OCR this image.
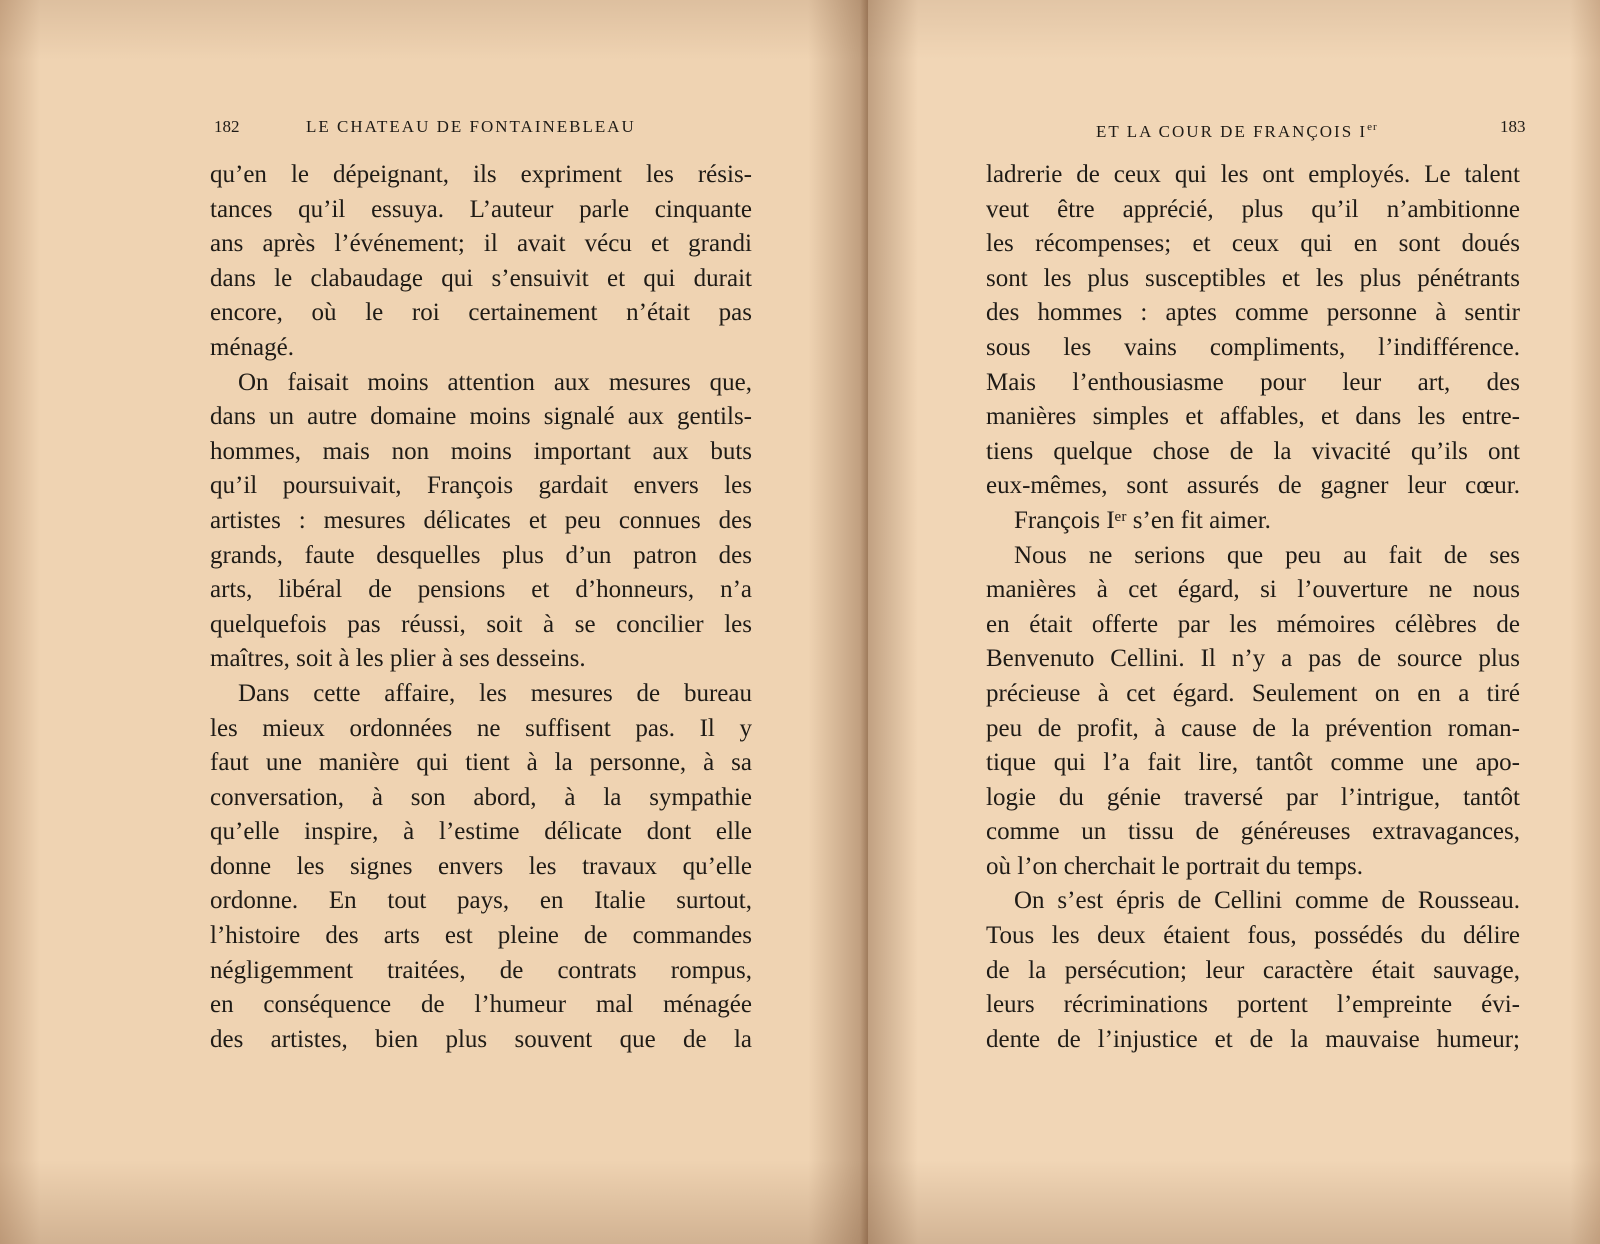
182	LE CHATEAU DE FONTAINEBLEAU
qu’en le dépeignant, ils expriment les résis-
tances qu’il essuya. L’auteur parle cinquante
ans après l’événement; il avait vécu et grandi
dans le clabaudage qui s’ensuivit et qui durait
encore, où le roi certainement n’était pas
ménagé.
On faisait moins attention aux mesures que,
dans un autre domaine moins signalé aux gentils-
hommes, mais non moins important aux buts
qu’il poursuivait, François gardait envers les
artistes : mesures délicates et peu connues des
grands, faute desquelles plus d’un patron des
arts, libéral de pensions et d’honneurs, n’a
quelquefois pas réussi, soit à se concilier les
maîtres, soit à les plier à ses desseins.
Dans cette affaire, les mesures de bureau
les mieux ordonnées ne suffisent pas. Il y
faut une manière qui tient à la personne, à sa
conversation, à son abord, à la sympathie
qu’elle inspire, à l’estime délicate dont elle
donne les signes envers les travaux qu’elle
ordonne. En tout pays, en Italie surtout,
l’histoire des arts est pleine de commandes
négligemment traitées, de contrats rompus,
en conséquence de l’humeur mal ménagée
des artistes, bien plus souvent que de la
ET LA COUR DE FRANÇOIS Ier	183
ladrerie de ceux qui les ont employés. Le talent
veut être apprécié, plus qu’il n’ambitionne
les récompenses; et ceux qui en sont doués
sont les plus susceptibles et les plus pénétrants
des hommes : aptes comme personne à sentir
sous les vains compliments, l’indifférence.
Mais l’enthousiasme pour leur art, des
manières simples et affables, et dans les entre-
tiens quelque chose de la vivacité qu’ils ont
eux-mêmes, sont assurés de gagner leur cœur.
François Iᵉʳ s’en fit aimer.
Nous ne serions que peu au fait de ses
manières à cet égard, si l’ouverture ne nous
en était offerte par les mémoires célèbres de
Benvenuto Cellini. Il n’y a pas de source plus
précieuse à cet égard. Seulement on en a tiré
peu de profit, à cause de la prévention roman-
tique qui l’a fait lire, tantôt comme une apo-
logie du génie traversé par l’intrigue, tantôt
comme un tissu de généreuses extravagances,
où l’on cherchait le portrait du temps.
On s’est épris de Cellini comme de Rousseau.
Tous les deux étaient fous, possédés du délire
de la persécution; leur caractère était sauvage,
leurs récriminations portent l’empreinte évi-
dente de l’injustice et de la mauvaise humeur;
